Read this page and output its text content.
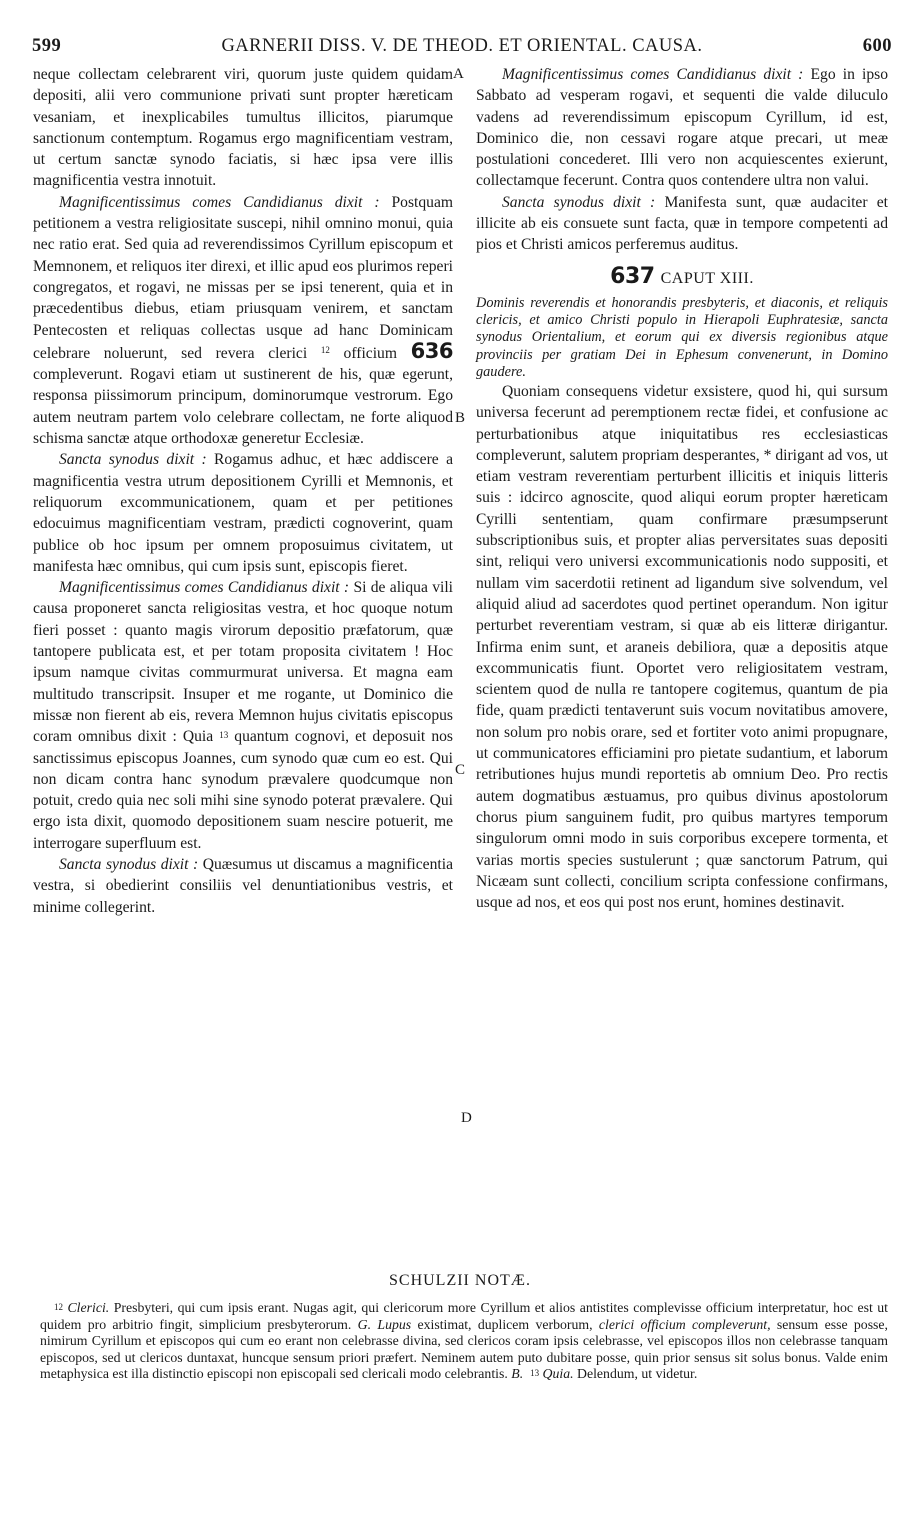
599	GARNERII DISS. V. DE THEOD. ET ORIENTAL. CAUSA.	600
A
B
C
D

neque collectam celebrarent viri, quorum juste quidem quidam depositi, alii vero communione privati sunt propter hæreticam vesaniam, et inexplicabiles tumultus illicitos, piarumque sanctionum contemptum. Rogamus ergo magnificentiam vestram, ut certum sanctæ synodo faciatis, si hæc ipsa vere illis magnificentia vestra innotuit.

Magnificentissimus comes Candidianus dixit : Postquam petitionem a vestra religiositate suscepi, nihil omnino monui, quia nec ratio erat. Sed quia ad reverendissimos Cyrillum episcopum et Memnonem, et reliquos iter direxi, et illic apud eos plurimos reperi congregatos, et rogavi, ne missas per se ipsi tenerent, quia et in præcedentibus diebus, etiam priusquam venirem, et sanctam Pentecosten et reliquas collectas usque ad hanc Dominicam celebrare noluerunt, sed revera clerici $^{12}$ officium 636 compleverunt. Rogavi etiam ut sustinerent de his, quæ egerunt, responsa piissimorum principum, dominorumque vestrorum. Ego autem neutram partem volo celebrare collectam, ne forte aliquod schisma sanctæ atque orthodoxæ generetur Ecclesiæ.

Sancta synodus dixit : Rogamus adhuc, et hæc addiscere a magnificentia vestra utrum depositionem Cyrilli et Memnonis, et reliquorum excommunicationem, quam et per petitiones edocuimus magnificentiam vestram, prædicti cognoverint, quam publice ob hoc ipsum per omnem proposuimus civitatem, ut manifesta hæc omnibus, qui cum ipsis sunt, episcopis fieret.

Magnificentissimus comes Candidianus dixit : Si de aliqua vili causa proponeret sancta religiositas vestra, et hoc quoque notum fieri posset : quanto magis virorum depositio præfatorum, quæ tantopere publicata est, et per totam proposita civitatem ! Hoc ipsum namque civitas commurmurat universa. Et magna eam multitudo transcripsit. Insuper et me rogante, ut Dominico die missæ non fierent ab eis, revera Memnon hujus civitatis episcopus coram omnibus dixit : Quia $^{13}$ quantum cognovi, et deposuit nos sanctissimus episcopus Joannes, cum synodo quæ cum eo est. Qui non dicam contra hanc synodum prævalere quodcumque non potuit, credo quia nec soli mihi sine synodo poterat prævalere. Qui ergo ista dixit, quomodo depositionem suam nescire potuerit, me interrogare superfluum est.

Sancta synodus dixit : Quæsumus ut discamus a magnificentia vestra, si obedierint consiliis vel denuntiationibus vestris, et minime collegerint.

Magnificentissimus comes Candidianus dixit : Ego in ipso Sabbato ad vesperam rogavi, et sequenti die valde diluculo vadens ad reverendissimum episcopum Cyrillum, id est, Dominico die, non cessavi rogare atque precari, ut meæ postulationi concederet. Illi vero non acquiescentes exierunt, collectamque fecerunt. Contra quos contendere ultra non valui.

Sancta synodus dixit : Manifesta sunt, quæ audaciter et illicite ab eis consuete sunt facta, quæ in tempore competenti ad pios et Christi amicos perferemus auditus.

637 CAPUT XIII.

Dominis reverendis et honorandis presbyteris, et diaconis, et reliquis clericis, et amico Christi populo in Hierapoli Euphratesiæ, sancta synodus Orientalium, et eorum qui ex diversis regionibus atque provinciis per gratiam Dei in Ephesum convenerunt, in Domino gaudere.

Quoniam consequens videtur exsistere, quod hi, qui sursum universa fecerunt ad peremptionem rectæ fidei, et confusione ac perturbationibus atque iniquitatibus res ecclesiasticas compleverunt, salutem propriam desperantes, * dirigant ad vos, ut etiam vestram reverentiam perturbent illicitis et iniquis litteris suis : idcirco agnoscite, quod aliqui eorum propter hæreticam Cyrilli sententiam, quam confirmare præsumpserunt subscriptionibus suis, et propter alias perversitates suas depositi sint, reliqui vero universi excommunicationis nodo suppositi, et nullam vim sacerdotii retinent ad ligandum sive solvendum, vel aliquid aliud ad sacerdotes quod pertinet operandum. Non igitur perturbet reverentiam vestram, si quæ ab eis litteræ dirigantur. Infirma enim sunt, et araneis debiliora, quæ a depositis atque excommunicatis fiunt. Oportet vero religiositatem vestram, scientem quod de nulla re tantopere cogitemus, quantum de pia fide, quam prædicti tentaverunt suis vocum novitatibus amovere, non solum pro nobis orare, sed et fortiter voto animi propugnare, ut communicatores efficiamini pro pietate sudantium, et laborum retributiones hujus mundi reportetis ab omnium Deo. Pro rectis autem dogmatibus æstuamus, pro quibus divinus apostolorum chorus pium sanguinem fudit, pro quibus martyres temporum singulorum omni modo in suis corporibus excepere tormenta, et varias mortis species sustulerunt ; quæ sanctorum Patrum, qui Nicæam sunt collecti, concilium scripta confessione confirmans, usque ad nos, et eos qui post nos erunt, homines destinavit.

SCHULZII NOTÆ.
$^{12}$ Clerici. Presbyteri, qui cum ipsis erant. Nugas agit, qui clericorum more Cyrillum et alios antistites complevisse officium interpretatur, hoc est ut quidem pro arbitrio fingit, simplicium presbyterorum. G. Lupus existimat, duplicem verborum, clerici officium compleverunt, sensum esse posse, nimirum Cyrillum et episcopos qui cum eo erant non celebrasse divina, sed clericos coram ipsis celebrasse, vel episcopos illos non celebrasse tanquam episcopos, sed ut clericos duntaxat, huncque sensum priori præfert. Neminem autem puto dubitare posse, quin prior sensus sit solus bonus. Valde enim metaphysica est illa distinctio episcopi non episcopali sed clericali modo celebrantis. B. $^{13}$ Quia. Delendum, ut videtur.
